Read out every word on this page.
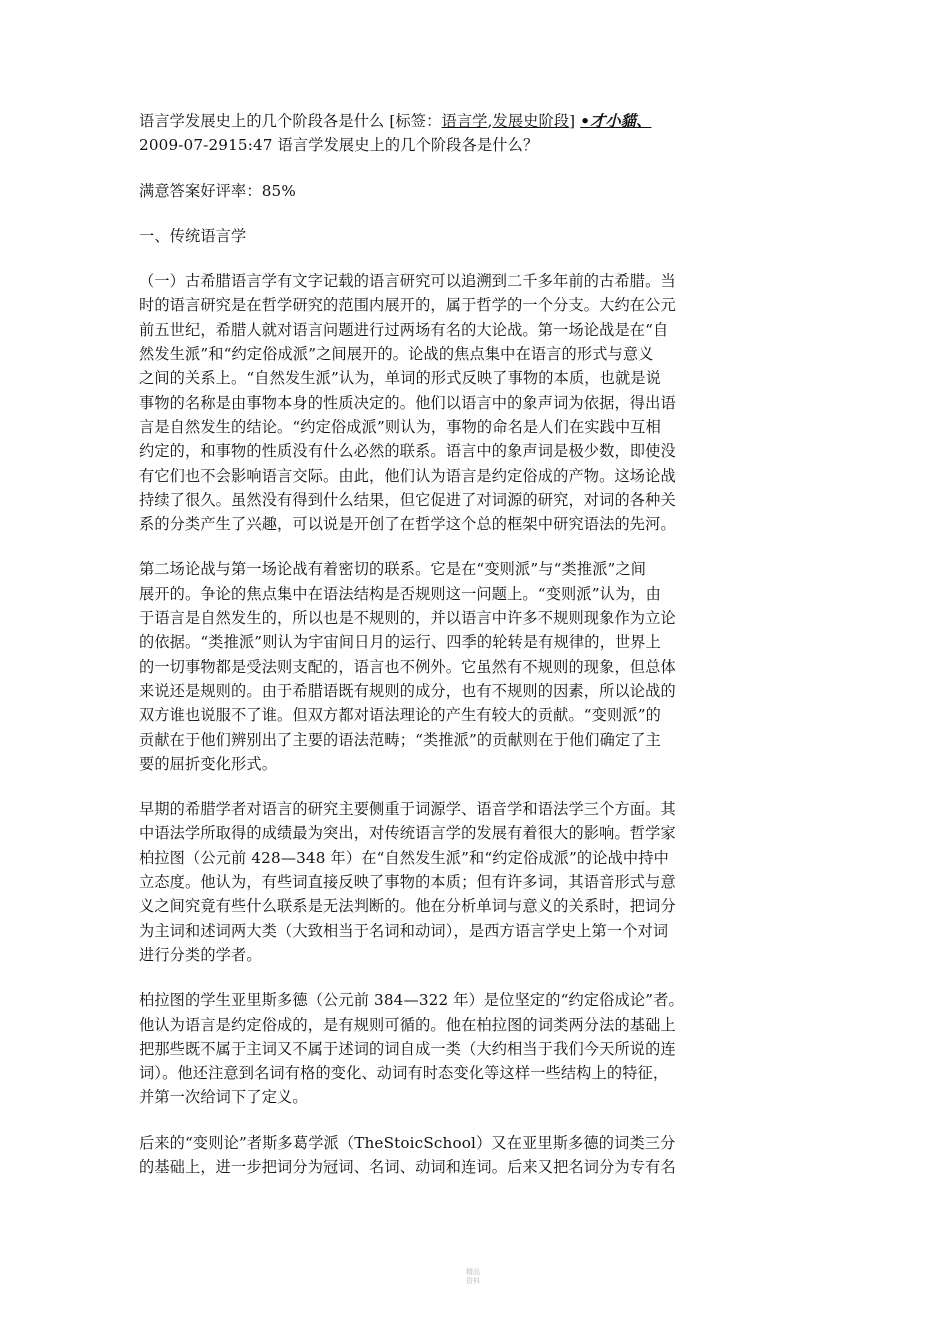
语言学发展史上的几个阶段各是什么 [标签：语言学,发展史阶段] •才小貓、
2009-07-2915:47 语言学发展史上的几个阶段各是什么？

满意答案好评率：85%

一、传统语言学

（一）古希腊语言学有文字记载的语言研究可以追溯到二千多年前的古希腊。当
时的语言研究是在哲学研究的范围内展开的，属于哲学的一个分支。大约在公元
前五世纪，希腊人就对语言问题进行过两场有名的大论战。第一场论战是在“自
然发生派”和“约定俗成派”之间展开的。论战的焦点集中在语言的形式与意义
之间的关系上。“自然发生派”认为，单词的形式反映了事物的本质，也就是说
事物的名称是由事物本身的性质决定的。他们以语言中的象声词为依据，得出语
言是自然发生的结论。“约定俗成派”则认为，事物的命名是人们在实践中互相
约定的，和事物的性质没有什么必然的联系。语言中的象声词是极少数，即使没
有它们也不会影响语言交际。由此，他们认为语言是约定俗成的产物。这场论战
持续了很久。虽然没有得到什么结果，但它促进了对词源的研究，对词的各种关
系的分类产生了兴趣，可以说是开创了在哲学这个总的框架中研究语法的先河。

第二场论战与第一场论战有着密切的联系。它是在“变则派”与“类推派”之间
展开的。争论的焦点集中在语法结构是否规则这一问题上。“变则派”认为，由
于语言是自然发生的，所以也是不规则的，并以语言中许多不规则现象作为立论
的依据。“类推派”则认为宇宙间日月的运行、四季的轮转是有规律的，世界上
的一切事物都是受法则支配的，语言也不例外。它虽然有不规则的现象，但总体
来说还是规则的。由于希腊语既有规则的成分，也有不规则的因素，所以论战的
双方谁也说服不了谁。但双方都对语法理论的产生有较大的贡献。“变则派”的
贡献在于他们辨别出了主要的语法范畴；“类推派”的贡献则在于他们确定了主
要的屈折变化形式。

早期的希腊学者对语言的研究主要侧重于词源学、语音学和语法学三个方面。其
中语法学所取得的成绩最为突出，对传统语言学的发展有着很大的影响。哲学家
柏拉图（公元前 428—348 年）在“自然发生派”和“约定俗成派”的论战中持中
立态度。他认为，有些词直接反映了事物的本质；但有许多词，其语音形式与意
义之间究竟有些什么联系是无法判断的。他在分析单词与意义的关系时，把词分
为主词和述词两大类（大致相当于名词和动词），是西方语言学史上第一个对词
进行分类的学者。

柏拉图的学生亚里斯多德（公元前 384—322 年）是位坚定的“约定俗成论”者。
他认为语言是约定俗成的，是有规则可循的。他在柏拉图的词类两分法的基础上
把那些既不属于主词又不属于述词的词自成一类（大约相当于我们今天所说的连
词）。他还注意到名词有格的变化、动词有时态变化等这样一些结构上的特征，
并第一次给词下了定义。

后来的“变则论”者斯多葛学派（TheStoicSchool）又在亚里斯多德的词类三分
的基础上，进一步把词分为冠词、名词、动词和连词。后来又把名词分为专有名

精品
资料
